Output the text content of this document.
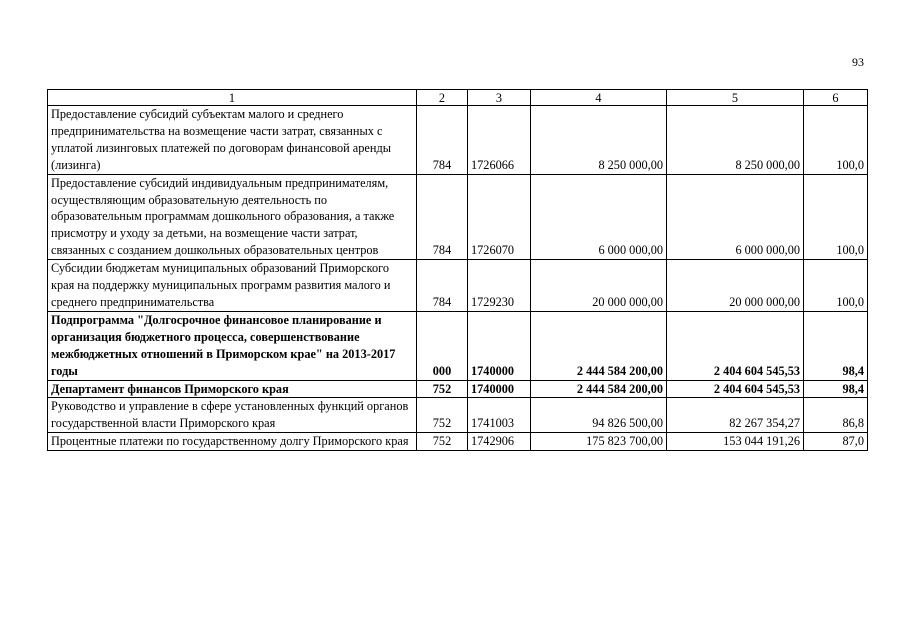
93
1	2	3	4	5	6
Предоставление субсидий субъектам малого и среднего предпринимательства на возмещение части затрат, связанных с уплатой лизинговых платежей по договорам финансовой аренды (лизинга)	784	1726066	8 250 000,00	8 250 000,00	100,0
Предоставление субсидий индивидуальным предпринимателям, осуществляющим образовательную деятельность по образовательным программам дошкольного образования, а также присмотру и уходу за детьми, на возмещение части затрат, связанных с созданием дошкольных образовательных центров	784	1726070	6 000 000,00	6 000 000,00	100,0
Субсидии бюджетам муниципальных образований Приморского края на поддержку муниципальных программ развития малого и среднего предпринимательства	784	1729230	20 000 000,00	20 000 000,00	100,0
Подпрограмма "Долгосрочное финансовое планирование и организация бюджетного процесса, совершенствование межбюджетных отношений в Приморском крае" на 2013-2017 годы	000	1740000	2 444 584 200,00	2 404 604 545,53	98,4
Департамент финансов Приморского края	752	1740000	2 444 584 200,00	2 404 604 545,53	98,4
Руководство и управление в сфере установленных функций органов государственной власти Приморского края	752	1741003	94 826 500,00	82 267 354,27	86,8
Процентные платежи по государственному долгу Приморского края	752	1742906	175 823 700,00	153 044 191,26	87,0
